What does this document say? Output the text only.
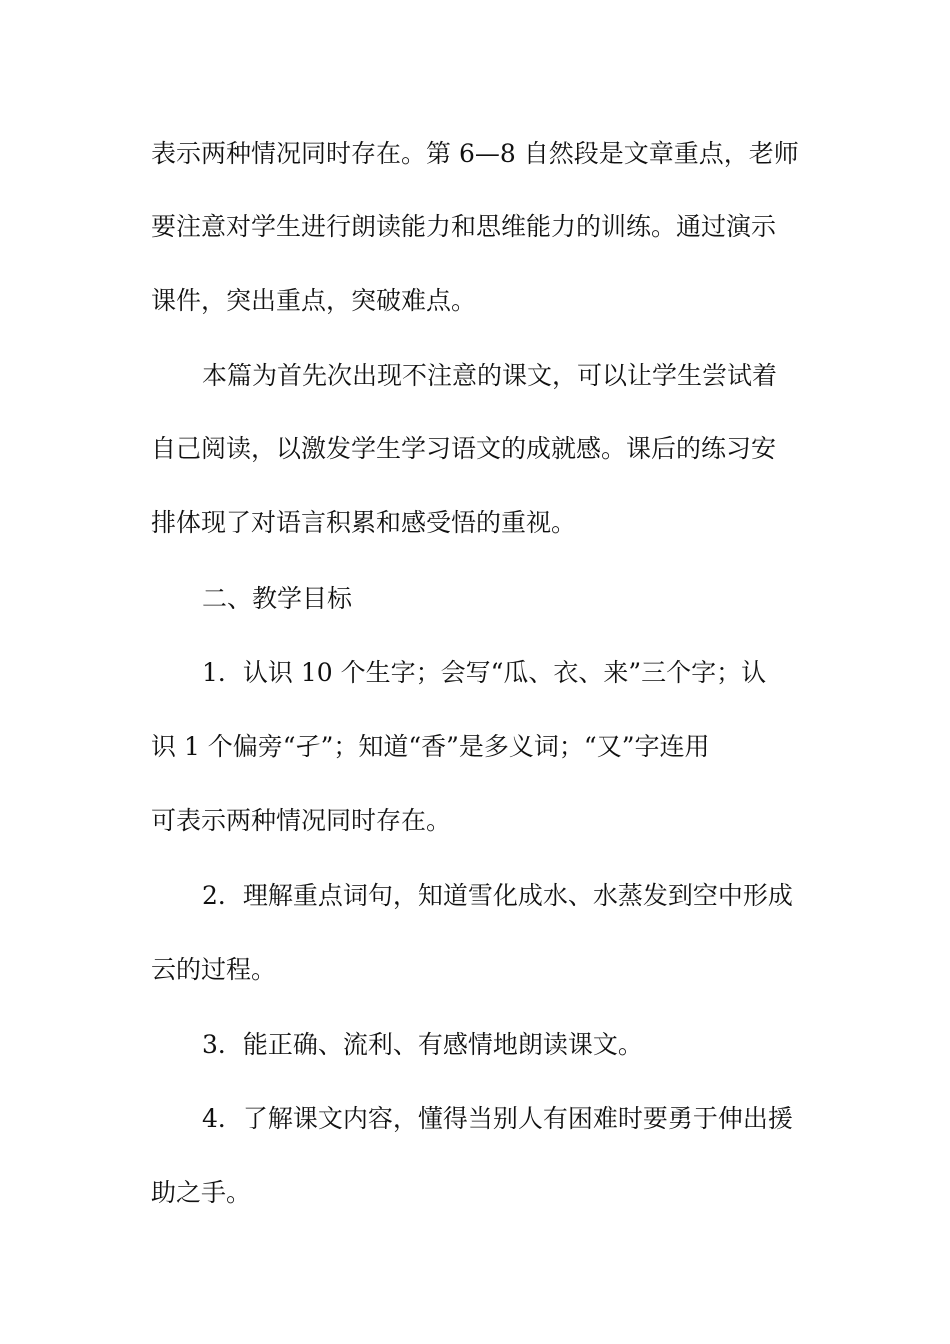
表示两种情况同时存在。第 6—8 自然段是文章重点，老师
要注意对学生进行朗读能力和思维能力的训练。通过演示
课件，突出重点，突破难点。
本篇为首先次出现不注意的课文，可以让学生尝试着
自己阅读，以激发学生学习语文的成就感。课后的练习安
排体现了对语言积累和感受悟的重视。
二、教学目标
1．认识 10 个生字；会写“瓜、衣、来”三个字；认
识 1 个偏旁“孑”；知道“香”是多义词；“又”字连用
可表示两种情况同时存在。
2．理解重点词句，知道雪化成水、水蒸发到空中形成
云的过程。
3．能正确、流利、有感情地朗读课文。
4．了解课文内容，懂得当别人有困难时要勇于伸出援
助之手。
